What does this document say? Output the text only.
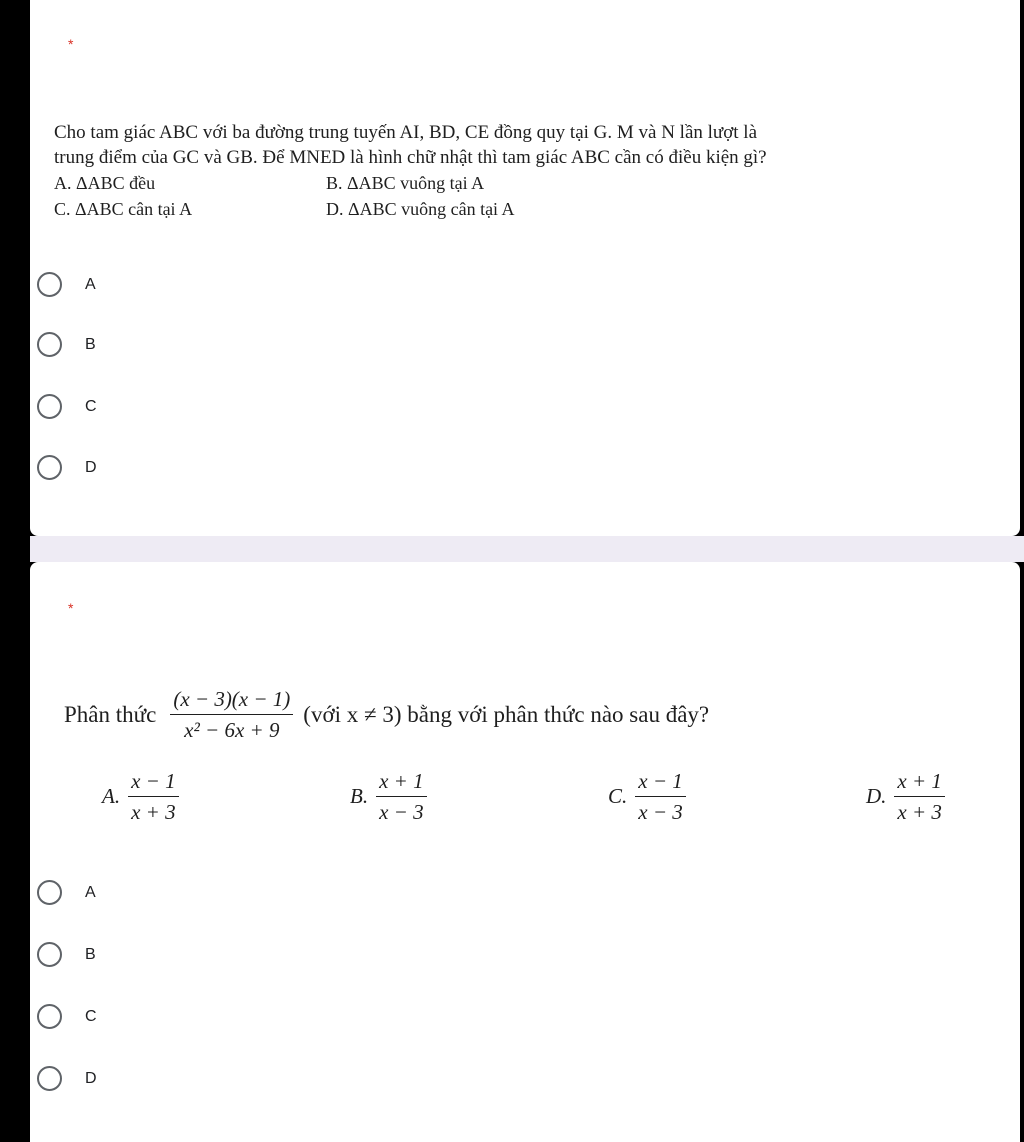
*

Cho tam giác ABC với ba đường trung tuyến AI, BD, CE đồng quy tại G. M và N lần lượt là

trung điểm của GC và GB. Để MNED là hình chữ nhật thì tam giác ABC cần có điều kiện gì?

A. ΔABC đều	B. ΔABC vuông tại A
C. ΔABC cân tại A	D. ΔABC vuông cân tại A
A
B
C
D
*
Phân thức $\frac{(x - 3)(x - 1)}{\text{x² − 6x + 9}}$ (với x ≠ 3) bằng với phân thức nào sau đây?
A. $\frac{x - 1}{x + 3}$	B. $\frac{x + 1}{x - 3}$	C. $\frac{x - 1}{x - 3}$	D. $\frac{x + 1}{x + 3}$
A
B
C
D
